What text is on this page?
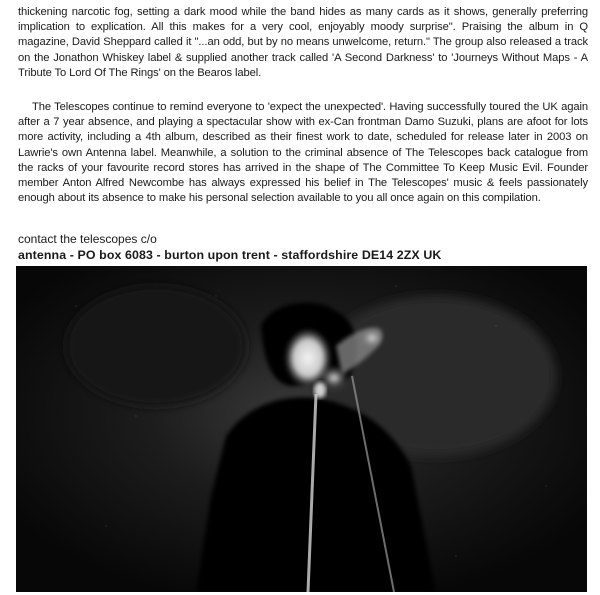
thickening narcotic fog, setting a dark mood while the band hides as many cards as it shows, generally preferring implication to explication. All this makes for a very cool, enjoyably moody surprise". Praising the album in Q magazine, David Sheppard called it "...an odd, but by no means unwelcome, return." The group also released a track on the Jonathon Whiskey label & supplied another track called 'A Second Darkness' to 'Journeys Without Maps - A Tribute To Lord Of The Rings' on the Bearos label.

The Telescopes continue to remind everyone to 'expect the unexpected'. Having successfully toured the UK again after a 7 year absence, and playing a spectacular show with ex-Can frontman Damo Suzuki, plans are afoot for lots more activity, including a 4th album, described as their finest work to date, scheduled for release later in 2003 on Lawrie's own Antenna label. Meanwhile, a solution to the criminal absence of The Telescopes back catalogue from the racks of your favourite record stores has arrived in the shape of The Committee To Keep Music Evil. Founder member Anton Alfred Newcombe has always expressed his belief in The Telescopes' music & feels passionately enough about its absence to make his personal selection available to you all once again on this compilation.

contact the telescopes c/o
antenna - PO box 6083 - burton upon trent - staffordshire DE14 2ZX UK
